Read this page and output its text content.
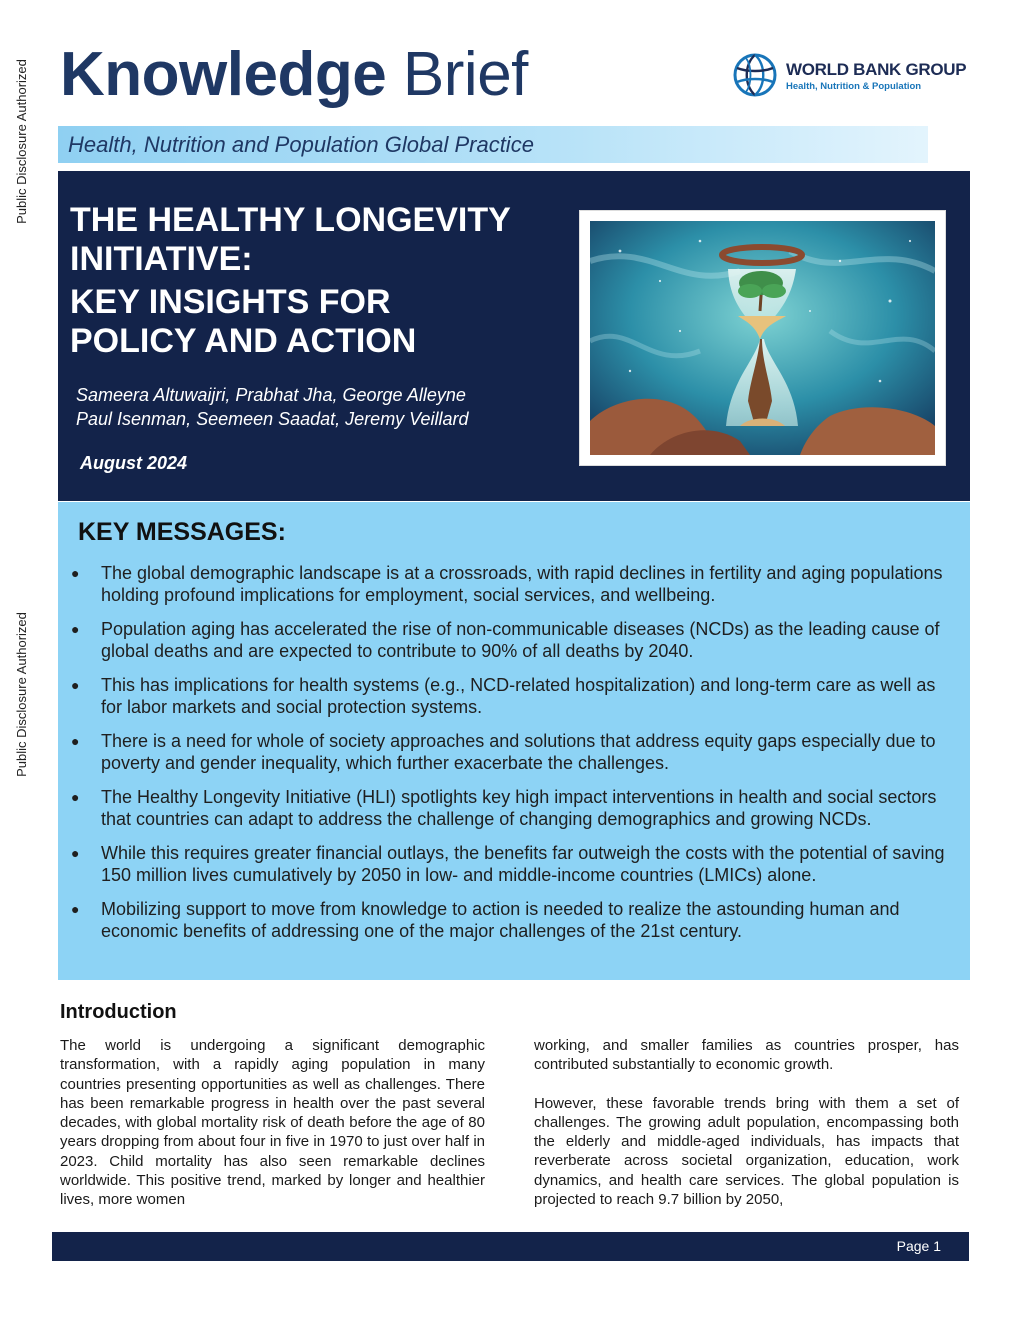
Public Disclosure Authorized
Public Disclosure Authorized
Knowledge Brief	WORLD BANK GROUP
Health, Nutrition & Population
Health, Nutrition and Population Global Practice
THE HEALTHY LONGEVITY
INITIATIVE:
KEY INSIGHTS FOR
POLICY AND ACTION
Sameera Altuwaijri, Prabhat Jha, George Alleyne
Paul Isenman, Seemeen Saadat, Jeremy Veillard
August 2024
KEY MESSAGES:
● The global demographic landscape is at a crossroads, with rapid declines in fertility and aging populations holding profound implications for employment, social services, and wellbeing.
● Population aging has accelerated the rise of non-communicable diseases (NCDs) as the leading cause of global deaths and are expected to contribute to 90% of all deaths by 2040.
● This has implications for health systems (e.g., NCD-related hospitalization) and long-term care as well as for labor markets and social protection systems.
● There is a need for whole of society approaches and solutions that address equity gaps especially due to poverty and gender inequality, which further exacerbate the challenges.
● The Healthy Longevity Initiative (HLI) spotlights key high impact interventions in health and social sectors that countries can adapt to address the challenge of changing demographics and growing NCDs.
● While this requires greater financial outlays, the benefits far outweigh the costs with the potential of saving 150 million lives cumulatively by 2050 in low- and middle-income countries (LMICs) alone.
● Mobilizing support to move from knowledge to action is needed to realize the astounding human and economic benefits of addressing one of the major challenges of the 21st century.
Introduction

The world is undergoing a significant demographic transformation, with a rapidly aging population in many countries presenting opportunities as well as challenges. There has been remarkable progress in health over the past several decades, with global mortality risk of death before the age of 80 years dropping from about four in five in 1970 to just over half in 2023. Child mortality has also seen remarkable declines worldwide. This positive trend, marked by longer and healthier lives, more women

working, and smaller families as countries prosper, has contributed substantially to economic growth.

However, these favorable trends bring with them a set of challenges. The growing adult population, encompassing both the elderly and middle-aged individuals, has impacts that reverberate across societal organization, education, work dynamics, and health care services. The global population is projected to reach 9.7 billion by 2050,

Page 1
